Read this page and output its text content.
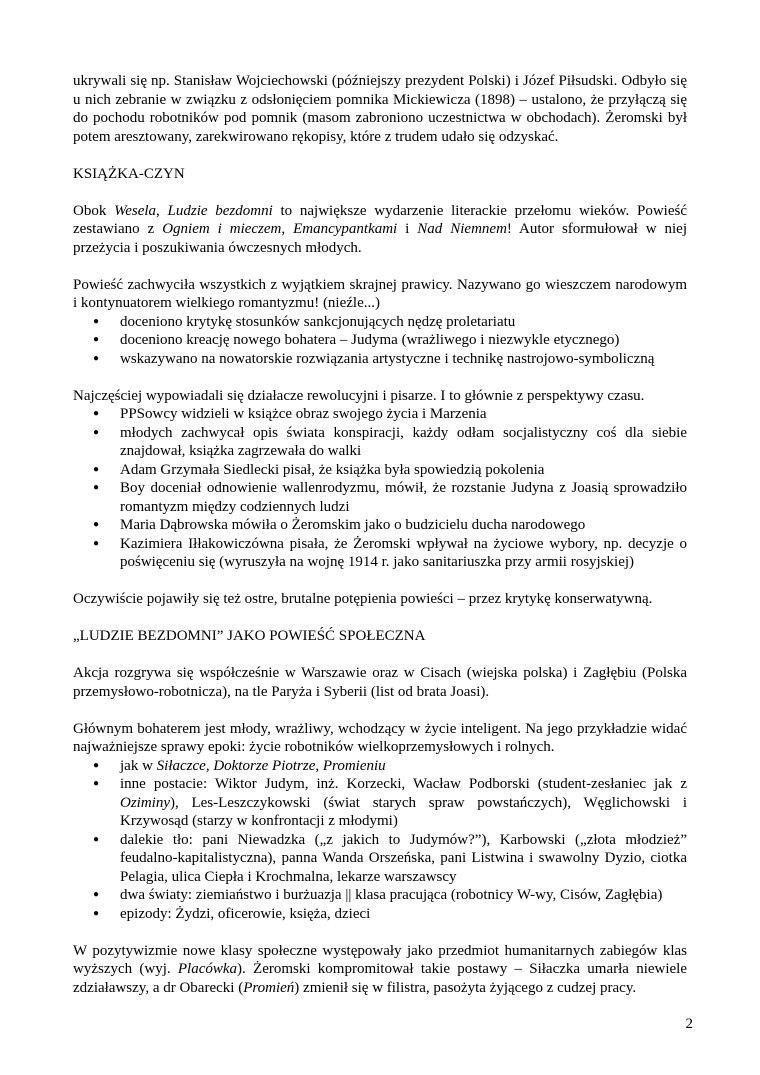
ukrywali się np. Stanisław Wojciechowski (późniejszy prezydent Polski) i Józef Piłsudski. Odbyło się u nich zebranie w związku z odsłonięciem pomnika Mickiewicza (1898) – ustalono, że przyłączą się do pochodu robotników pod pomnik (masom zabroniono uczestnictwa w obchodach). Żeromski był potem aresztowany, zarekwirowano rękopisy, które z trudem udało się odzyskać.

KSIĄŻKA-CZYN

Obok Wesela, Ludzie bezdomni to największe wydarzenie literackie przełomu wieków. Powieść zestawiano z Ogniem i mieczem, Emancypantkami i Nad Niemnem! Autor sformułował w niej przeżycia i poszukiwania ówczesnych młodych.

Powieść zachwyciła wszystkich z wyjątkiem skrajnej prawicy. Nazywano go wieszczem narodowym i kontynuatorem wielkiego romantyzmu! (nieźle...)

● doceniono krytykę stosunków sankcjonujących nędzę proletariatu
● doceniono kreację nowego bohatera – Judyma (wrażliwego i niezwykle etycznego)
● wskazywano na nowatorskie rozwiązania artystyczne i technikę nastrojowo-symboliczną

Najczęściej wypowiadali się działacze rewolucyjni i pisarze. I to głównie z perspektywy czasu.

● PPSowcy widzieli w książce obraz swojego życia i Marzenia
● młodych zachwycał opis świata konspiracji, każdy odłam socjalistyczny coś dla siebie znajdował, książka zagrzewała do walki
● Adam Grzymała Siedlecki pisał, że książka była spowiedzią pokolenia
● Boy doceniał odnowienie wallenrodyzmu, mówił, że rozstanie Judyna z Joasią sprowadziło romantyzm między codziennych ludzi
● Maria Dąbrowska mówiła o Żeromskim jako o budzicielu ducha narodowego
● Kazimiera Iłłakowiczówna pisała, że Żeromski wpływał na życiowe wybory, np. decyzje o poświęceniu się (wyruszyła na wojnę 1914 r. jako sanitariuszka przy armii rosyjskiej)

Oczywiście pojawiły się też ostre, brutalne potępienia powieści – przez krytykę konserwatywną.

„LUDZIE BEZDOMNI” JAKO POWIEŚĆ SPOŁECZNA

Akcja rozgrywa się współcześnie w Warszawie oraz w Cisach (wiejska polska) i Zagłębiu (Polska przemysłowo-robotnicza), na tle Paryża i Syberii (list od brata Joasi).

Głównym bohaterem jest młody, wrażliwy, wchodzący w życie inteligent. Na jego przykładzie widać najważniejsze sprawy epoki: życie robotników wielkoprzemysłowych i rolnych.

● jak w Siłaczce, Doktorze Piotrze, Promieniu
● inne postacie: Wiktor Judym, inż. Korzecki, Wacław Podborski (student-zesłaniec jak z Oziminy), Les-Leszczykowski (świat starych spraw powstańczych), Węglichowski i Krzywosąd (starzy w konfrontacji z młodymi)
● dalekie tło: pani Niewadzka („z jakich to Judymów?”), Karbowski („złota młodzież” feudalno-kapitalistyczna), panna Wanda Orszeńska, pani Listwina i swawolny Dyzio, ciotka Pelagia, ulica Ciepła i Krochmalna, lekarze warszawscy
● dwa światy: ziemiaństwo i burżuazja || klasa pracująca (robotnicy W-wy, Cisów, Zagłębia)
● epizody: Żydzi, oficerowie, księża, dzieci

W pozytywizmie nowe klasy społeczne występowały jako przedmiot humanitarnych zabiegów klas wyższych (wyj. Placówka). Żeromski kompromitował takie postawy – Siłaczka umarła niewiele zdziaławszy, a dr Obarecki (Promień) zmienił się w filistra, pasożyta żyjącego z cudzej pracy.

2
